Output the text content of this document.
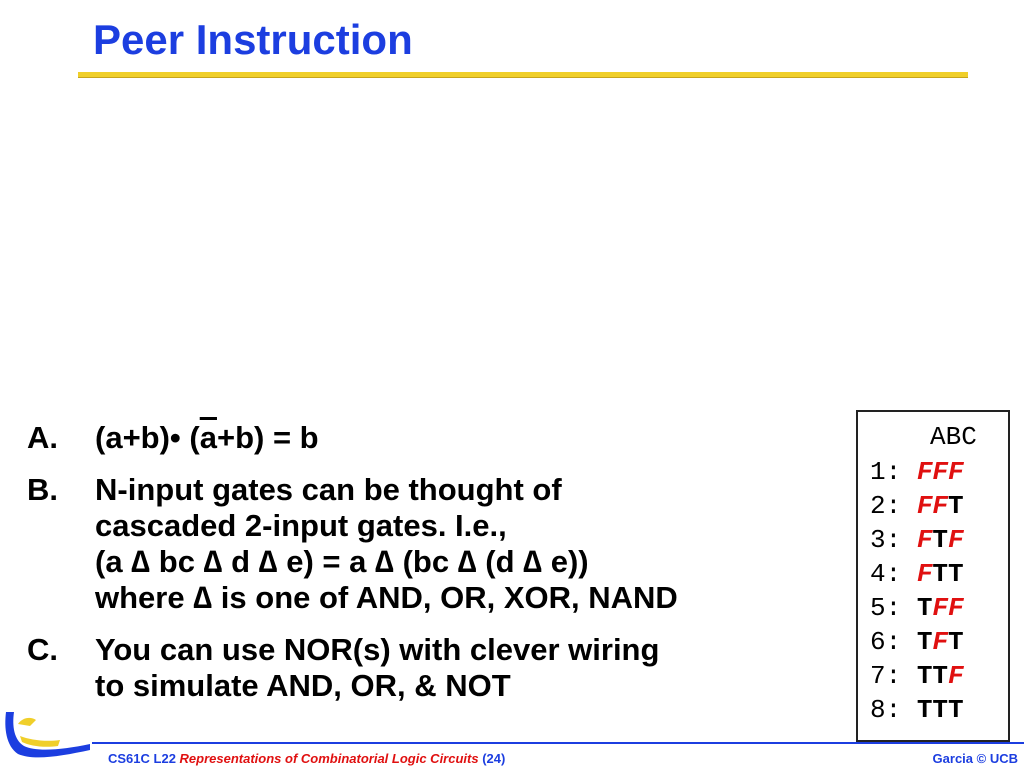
Peer Instruction
A.	(a+b)• $(\overline{a}+b) = b$
B.	N-input gates can be thought of
cascaded 2-input gates. I.e.,
(a ∆ bc ∆ d ∆ e) = a ∆ (bc ∆ (d ∆ e))
where ∆ is one of AND, OR, XOR, NAND
C.	You can use NOR(s) with clever wiring
to simulate AND, OR, & NOT
ABC
1: FFF
2: FFT
3: FTF
4: FTT
5: TFF
6: TFT
7: TTF
8: TTT
CS61C L22 Representations of Combinatorial Logic Circuits (24)	Garcia © UCB
